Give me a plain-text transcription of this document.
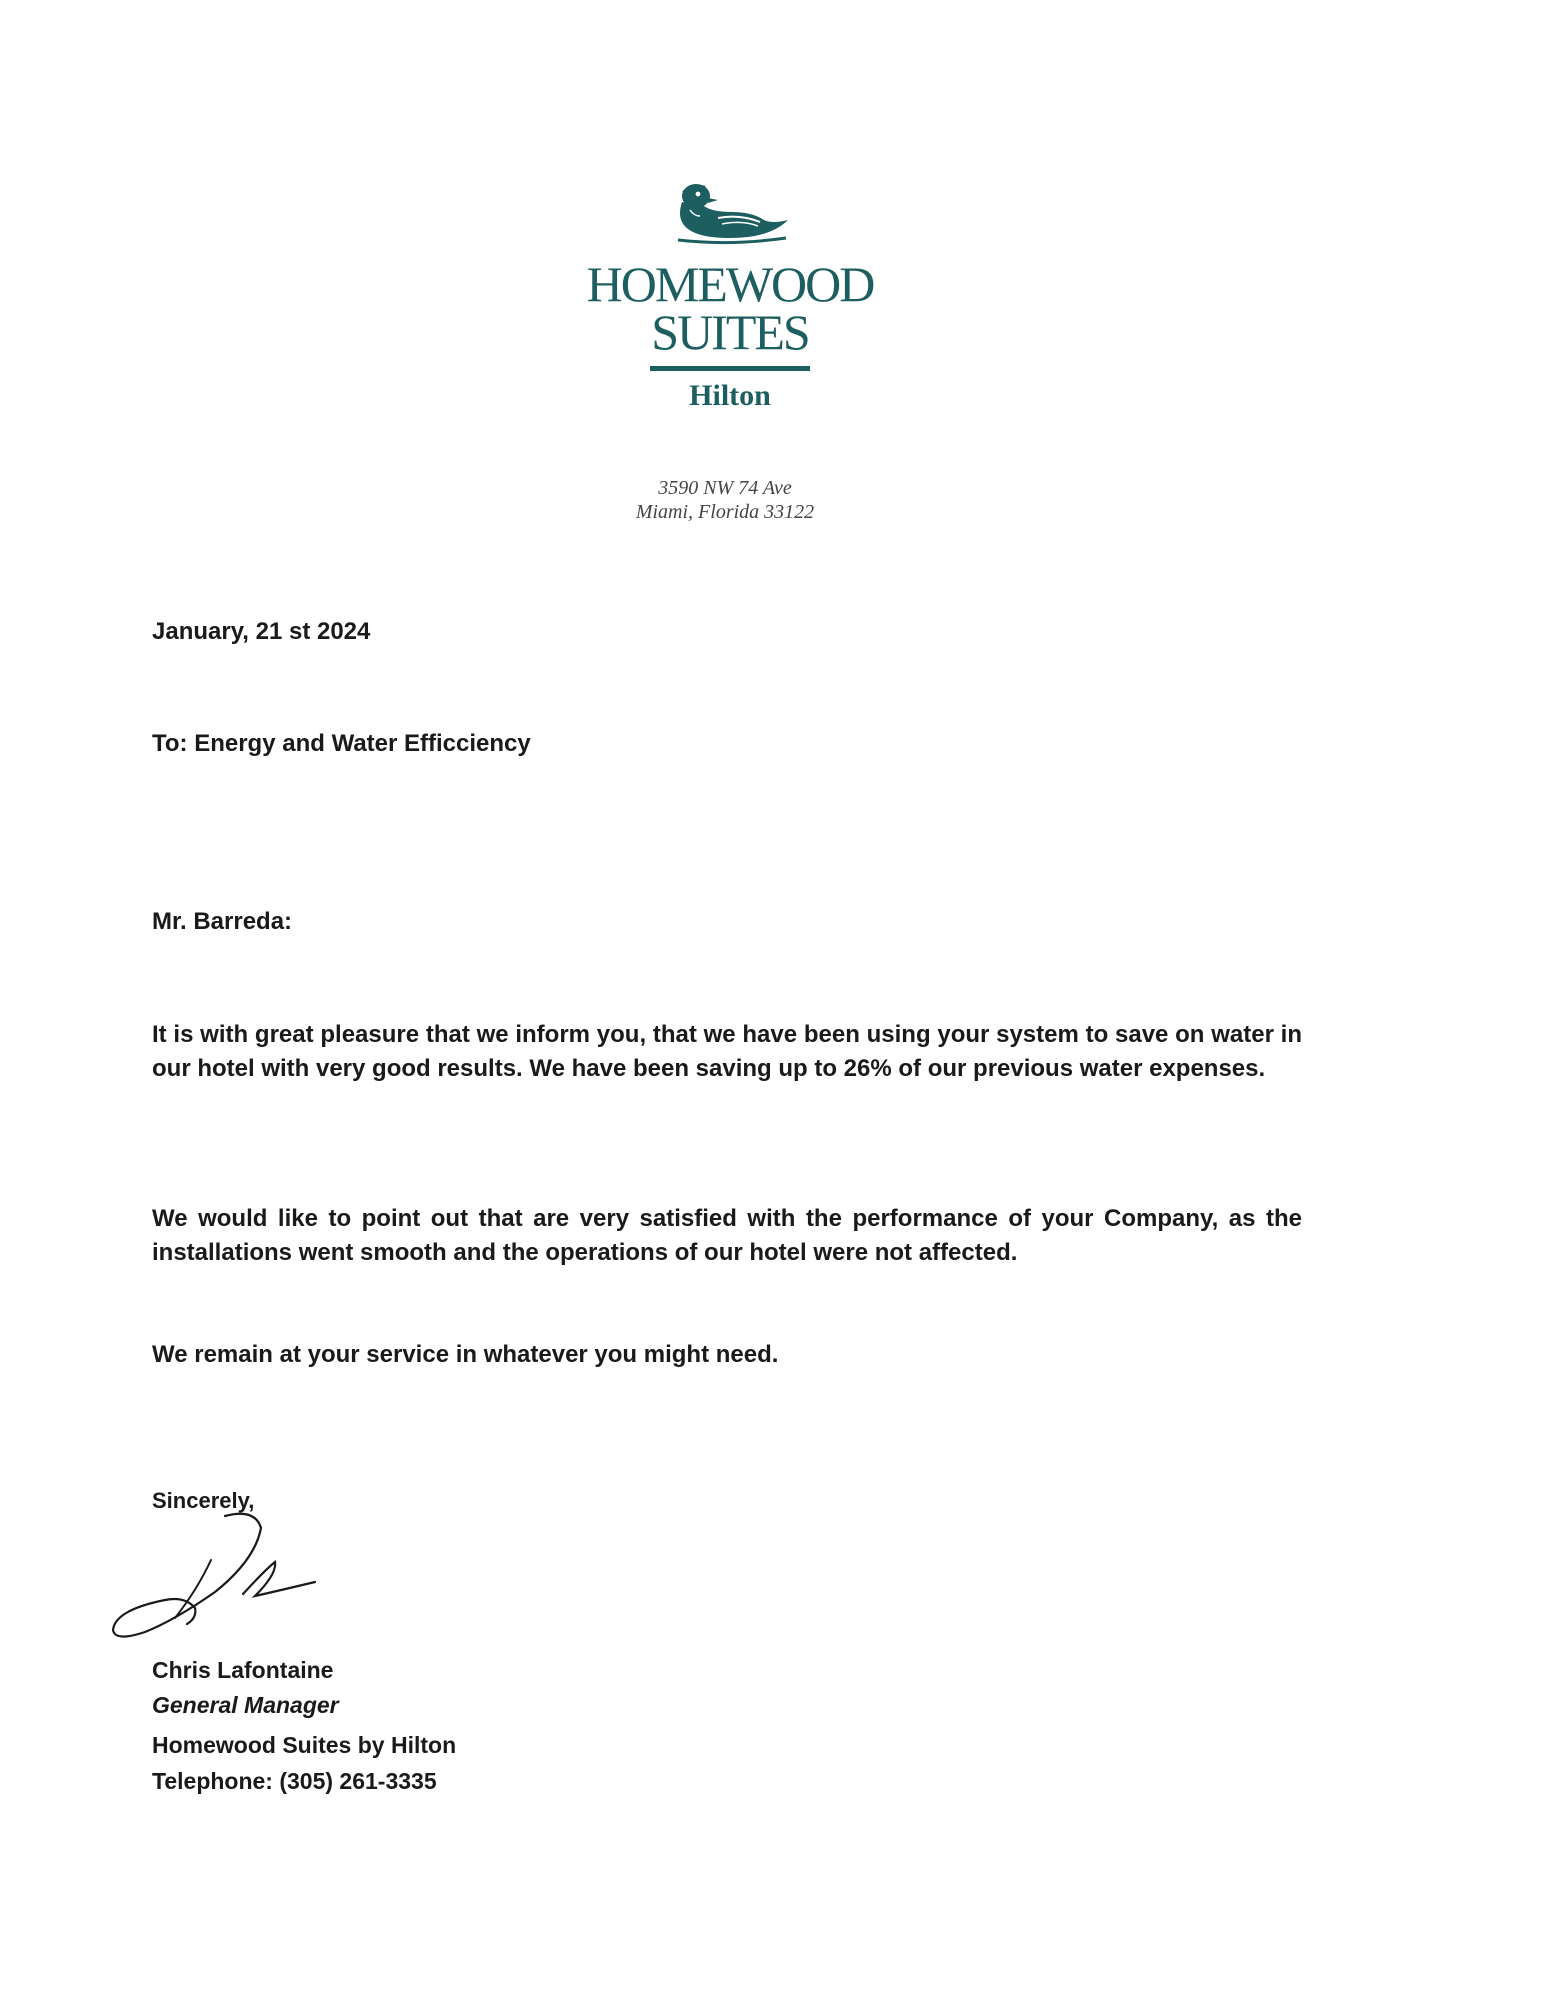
HOMEWOOD
SUITES
Hilton
3590 NW 74 Ave
Miami, Florida 33122
January, 21 st 2024
To: Energy and Water Efficciency
Mr. Barreda:
It is with great pleasure that we inform you, that we have been using your system to save on water in our hotel with very good results. We have been saving up to 26% of our previous water expenses.
We would like to point out that are very satisfied with the performance of your Company, as the installations went smooth and the operations of our hotel were not affected.
We remain at your service in whatever you might need.
Sincerely,
Chris Lafontaine
General Manager
Homewood Suites by Hilton
Telephone: (305) 261-3335
